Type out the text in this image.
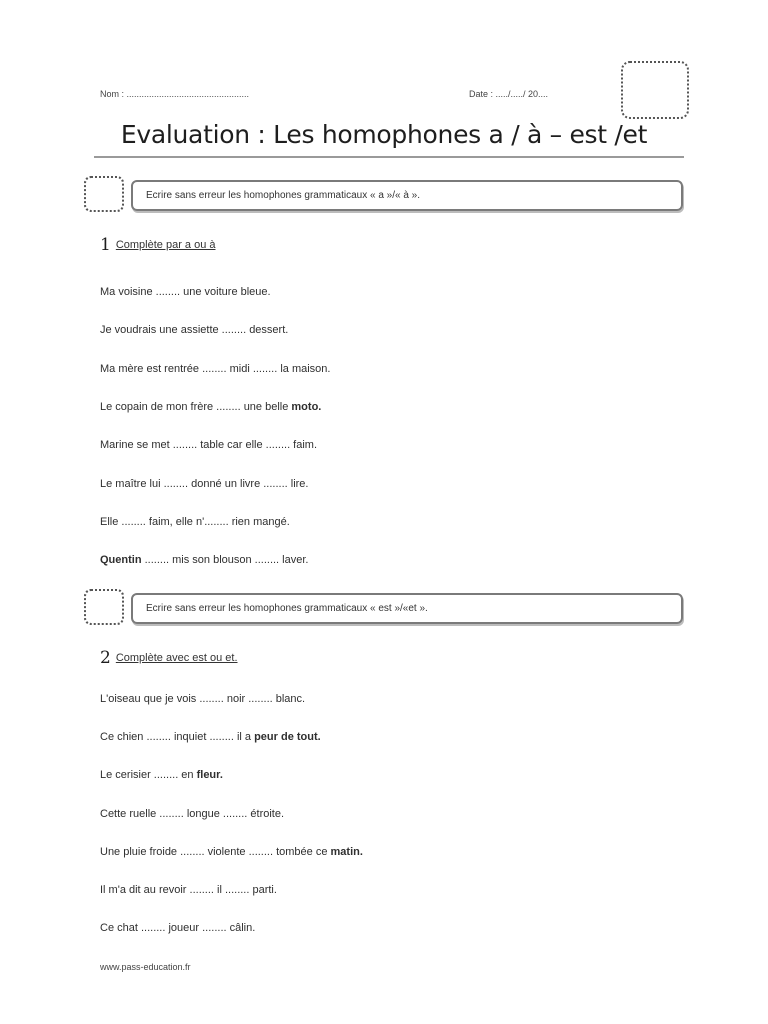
Nom : .................................................	Date : ...../...../ 20....
Evaluation : Les homophones a / à – est /et
Ecrire sans erreur les homophones grammaticaux « a »/« à ».
1 Complète par a ou à
Ma voisine ........ une voiture bleue.
Je voudrais une assiette ........ dessert.
Ma mère est rentrée ........ midi ........ la maison.
Le copain de mon frère ........ une belle moto.
Marine se met ........ table car elle ........ faim.
Le maître lui ........ donné un livre ........ lire.
Elle ........ faim, elle n'........ rien mangé.
Quentin ........ mis son blouson ........ laver.
Ecrire sans erreur les homophones grammaticaux « est »/«et ».
2 Complète avec est ou et.
L'oiseau que je vois ........ noir ........ blanc.
Ce chien ........ inquiet ........ il a peur de tout.
Le cerisier ........ en fleur.
Cette ruelle ........ longue ........ étroite.
Une pluie froide ........ violente ........ tombée ce matin.
Il m'a dit au revoir ........ il ........ parti.
Ce chat ........ joueur ........ câlin.
www.pass-education.fr
